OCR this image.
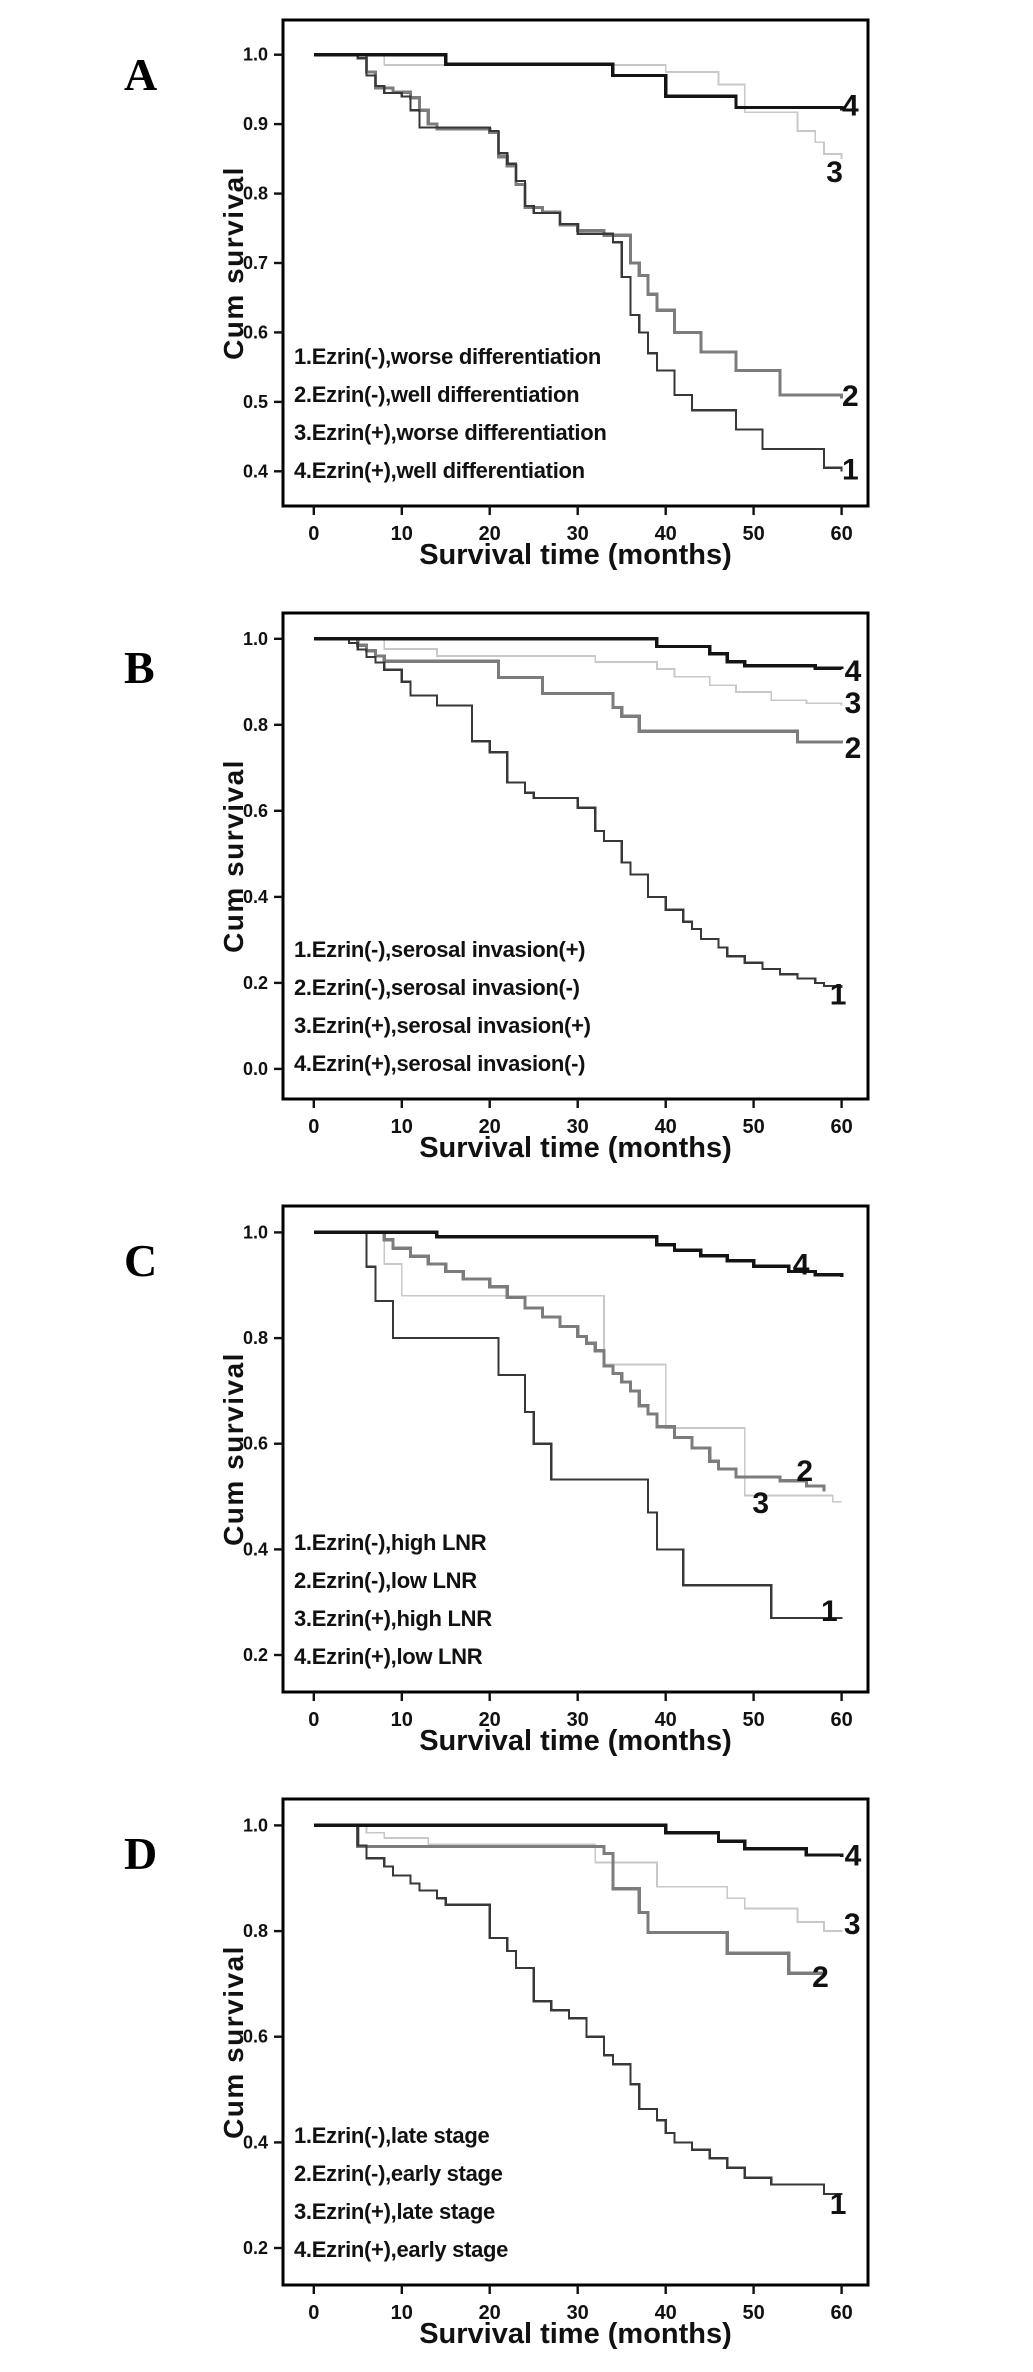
3
2
1
4
1.0
0.9
0.8
0.7
0.6
0.5
0.4
0	10	20	30	40	50	60
Cum survival
Survival time (months)
1.Ezrin(-),worse differentiation
2.Ezrin(-),well differentiation
3.Ezrin(+),worse differentiation
4.Ezrin(+),well differentiation
A
3
2
1
4
1.0
0.8
0.6
0.4
0.2
0.0
0	10	20	30	40	50	60
Cum survival
Survival time (months)
1.Ezrin(-),serosal invasion(+)
2.Ezrin(-),serosal invasion(-)
3.Ezrin(+),serosal invasion(+)
4.Ezrin(+),serosal invasion(-)
B
3
2
1
4
1.0
0.8
0.6
0.4
0.2
0	10	20	30	40	50	60
Cum survival
Survival time (months)
1.Ezrin(-),high LNR
2.Ezrin(-),low LNR
3.Ezrin(+),high LNR
4.Ezrin(+),low LNR
C
3
2
1
4
1.0
0.8
0.6
0.4
0.2
0	10	20	30	40	50	60
Cum survival
Survival time (months)
1.Ezrin(-),late stage
2.Ezrin(-),early stage
3.Ezrin(+),late stage
4.Ezrin(+),early stage
D
